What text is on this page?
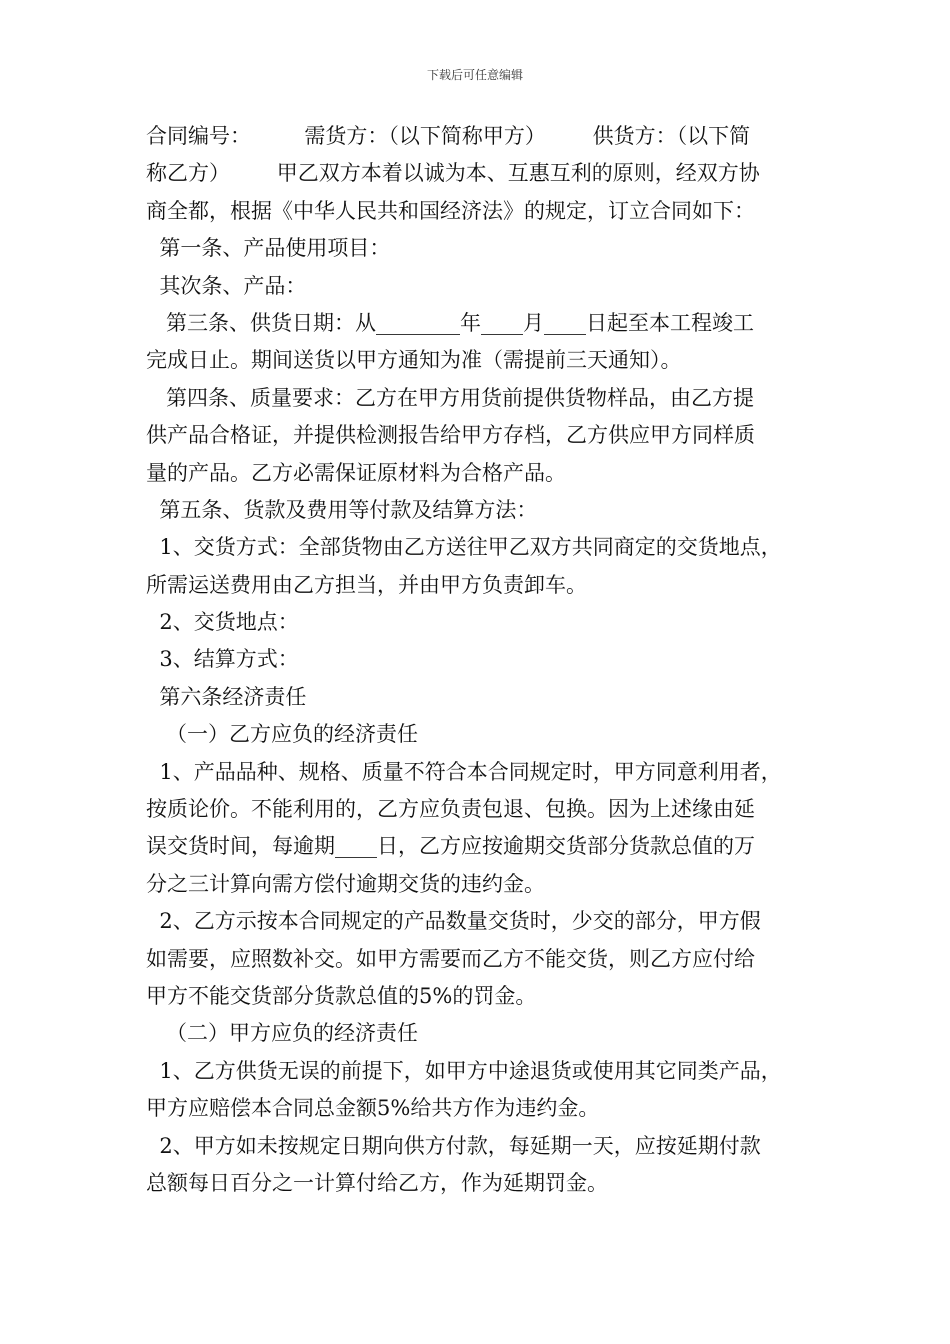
下载后可任意编辑
合同编号：        需货方：（以下简称甲方）       供货方：（以下简
称乙方）       甲乙双方本着以诚为本、互惠互利的原则，经双方协
商全都，根据《中华人民共和国经济法》的规定，订立合同如下：
第一条、产品使用项目：
其次条、产品：
第三条、供货日期：从________年____月____日起至本工程竣工
完成日止。期间送货以甲方通知为准（需提前三天通知）。
第四条、质量要求：乙方在甲方用货前提供货物样品，由乙方提
供产品合格证，并提供检测报告给甲方存档，乙方供应甲方同样质
量的产品。乙方必需保证原材料为合格产品。
第五条、货款及费用等付款及结算方法：
1、交货方式：全部货物由乙方送往甲乙双方共同商定的交货地点，
所需运送费用由乙方担当，并由甲方负责卸车。
2、交货地点：
3、结算方式：
第六条经济责任
（一）乙方应负的经济责任
1、产品品种、规格、质量不符合本合同规定时，甲方同意利用者，
按质论价。不能利用的，乙方应负责包退、包换。因为上述缘由延
误交货时间，每逾期____日，乙方应按逾期交货部分货款总值的万
分之三计算向需方偿付逾期交货的违约金。
2、乙方示按本合同规定的产品数量交货时，少交的部分，甲方假
如需要，应照数补交。如甲方需要而乙方不能交货，则乙方应付给
甲方不能交货部分货款总值的5%的罚金。
（二）甲方应负的经济责任
1、乙方供货无误的前提下，如甲方中途退货或使用其它同类产品，
甲方应赔偿本合同总金额5%给共方作为违约金。
2、甲方如未按规定日期向供方付款，每延期一天，应按延期付款
总额每日百分之一计算付给乙方，作为延期罚金。
